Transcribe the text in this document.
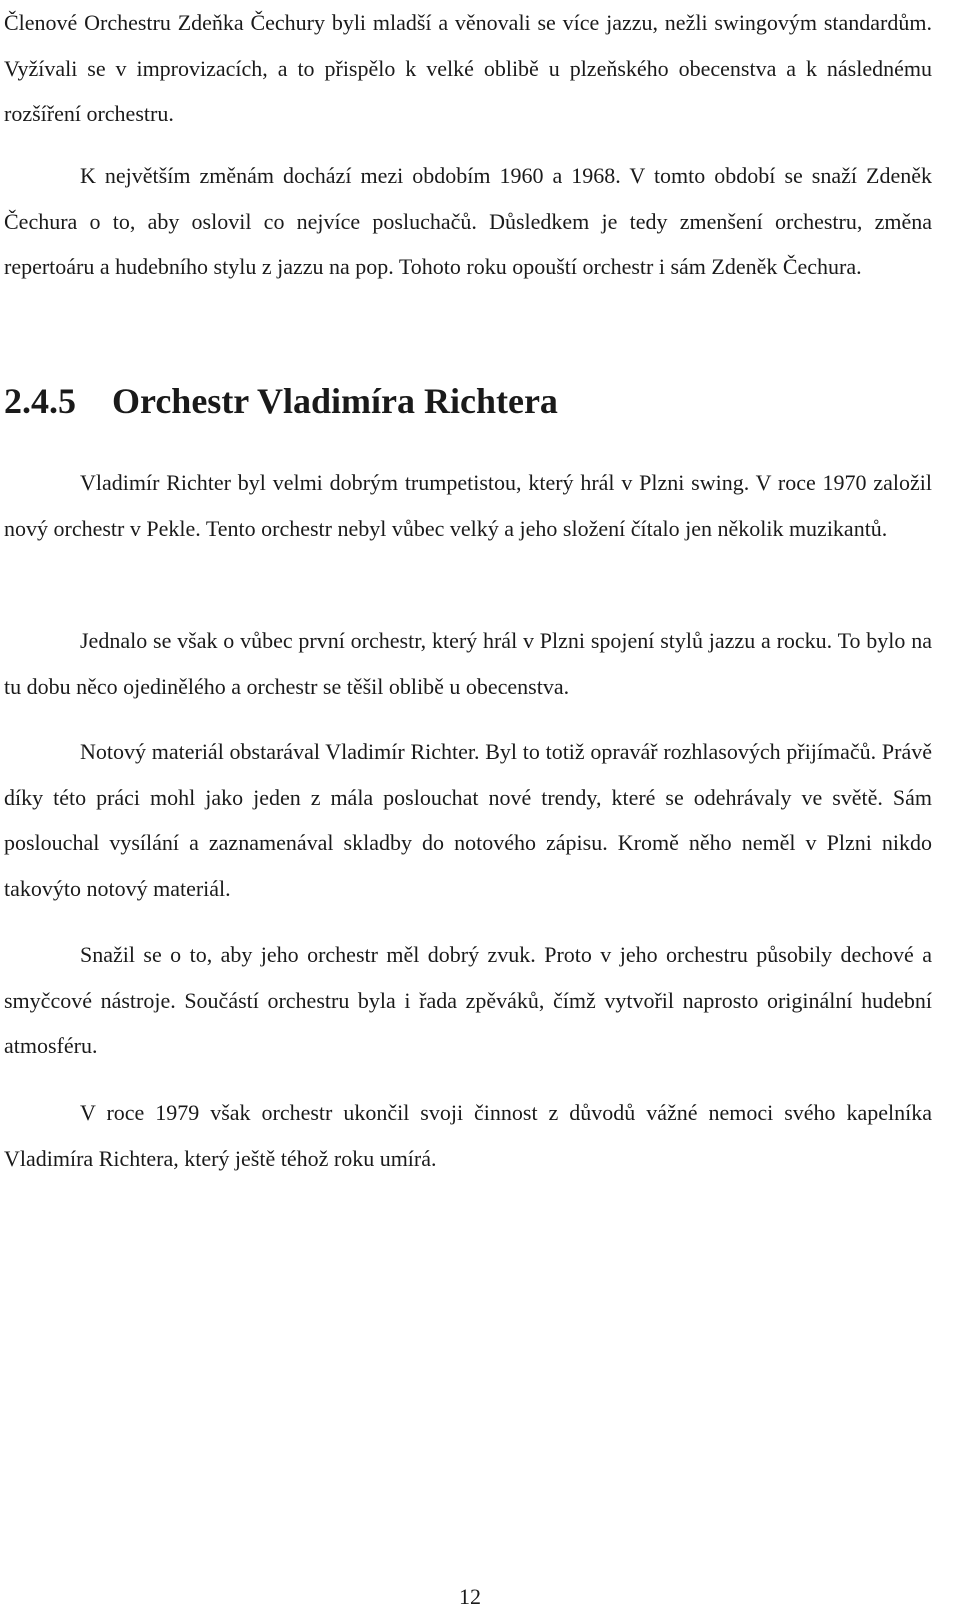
Členové Orchestru Zdeňka Čechury byli mladší a věnovali se více jazzu, nežli swingovým standardům. Vyžívali se v improvizacích, a to přispělo k velké oblibě u plzeňského obecenstva a k následnému rozšíření orchestru.

K největším změnám dochází mezi obdobím 1960 a 1968. V tomto období se snaží Zdeněk Čechura o to, aby oslovil co nejvíce posluchačů. Důsledkem je tedy zmenšení orchestru, změna repertoáru a hudebního stylu z jazzu na pop. Tohoto roku opouští orchestr i sám Zdeněk Čechura.

2.4.5 Orchestr Vladimíra Richtera

Vladimír Richter byl velmi dobrým trumpetistou, který hrál v Plzni swing. V roce 1970 založil nový orchestr v Pekle. Tento orchestr nebyl vůbec velký a jeho složení čítalo jen několik muzikantů.

Jednalo se však o vůbec první orchestr, který hrál v Plzni spojení stylů jazzu a rocku. To bylo na tu dobu něco ojedinělého a orchestr se těšil oblibě u obecenstva.

Notový materiál obstarával Vladimír Richter. Byl to totiž opravář rozhlasových přijímačů. Právě díky této práci mohl jako jeden z mála poslouchat nové trendy, které se odehrávaly ve světě. Sám poslouchal vysílání a zaznamenával skladby do notového zápisu. Kromě něho neměl v Plzni nikdo takovýto notový materiál.

Snažil se o to, aby jeho orchestr měl dobrý zvuk. Proto v jeho orchestru působily dechové a smyčcové nástroje. Součástí orchestru byla i řada zpěváků, čímž vytvořil naprosto originální hudební atmosféru.

V roce 1979 však orchestr ukončil svoji činnost z důvodů vážné nemoci svého kapelníka Vladimíra Richtera, který ještě téhož roku umírá.

12
